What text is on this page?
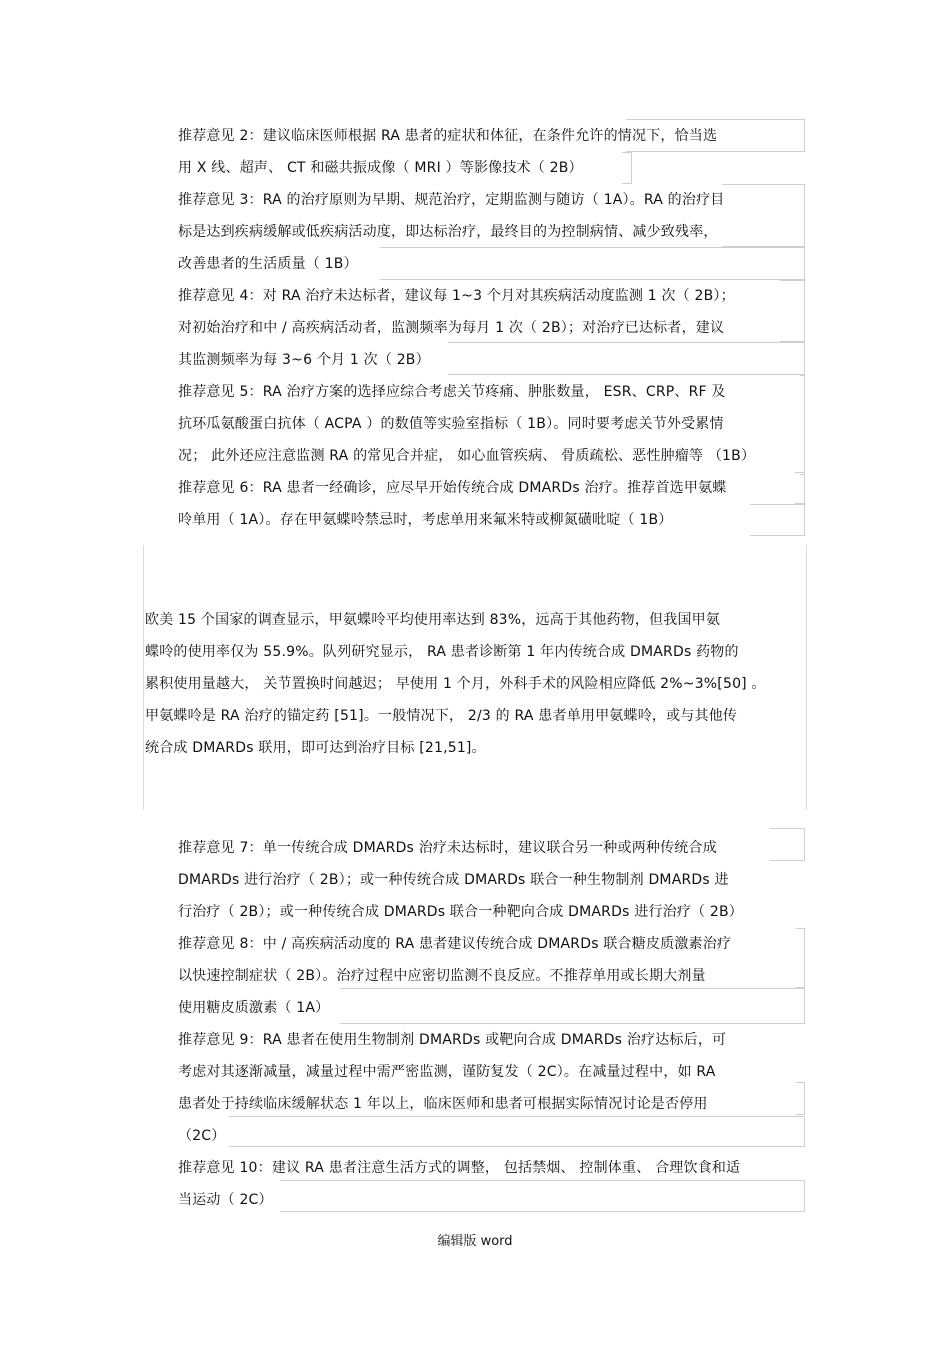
推荐意见 2：建议临床医师根据 RA 患者的症状和体征，在条件允许的情况下，恰当选
用 X 线、超声、 CT 和磁共振成像（ MRI ）等影像技术（ 2B）
推荐意见 3：RA 的治疗原则为早期、规范治疗，定期监测与随访（ 1A）。RA 的治疗目
标是达到疾病缓解或低疾病活动度，即达标治疗，最终目的为控制病情、减少致残率，
改善患者的生活质量（ 1B）
推荐意见 4：对 RA 治疗未达标者，建议每 1~3 个月对其疾病活动度监测 1 次（ 2B）；
对初始治疗和中 / 高疾病活动者，监测频率为每月 1 次（ 2B）；对治疗已达标者，建议
其监测频率为每 3~6 个月 1 次（ 2B）
推荐意见 5：RA 治疗方案的选择应综合考虑关节疼痛、肿胀数量， ESR、CRP、RF 及
抗环瓜氨酸蛋白抗体（ ACPA ）的数值等实验室指标（ 1B）。同时要考虑关节外受累情
况； 此外还应注意监测 RA 的常见合并症， 如心血管疾病、 骨质疏松、恶性肿瘤等 （1B）
推荐意见 6：RA 患者一经确诊，应尽早开始传统合成 DMARDs 治疗。推荐首选甲氨蝶
呤单用（ 1A）。存在甲氨蝶呤禁忌时，考虑单用来氟米特或柳氮磺吡啶（ 1B）
欧美 15 个国家的调查显示，甲氨蝶呤平均使用率达到 83%，远高于其他药物，但我国甲氨
蝶呤的使用率仅为 55.9%。队列研究显示， RA 患者诊断第 1 年内传统合成 DMARDs 药物的
累积使用量越大， 关节置换时间越迟； 早使用 1 个月，外科手术的风险相应降低 2%~3%[50] 。
甲氨蝶呤是 RA 治疗的锚定药 [51]。一般情况下， 2/3 的 RA 患者单用甲氨蝶呤，或与其他传
统合成 DMARDs 联用，即可达到治疗目标 [21,51]。
推荐意见 7：单一传统合成 DMARDs 治疗未达标时，建议联合另一种或两种传统合成
DMARDs 进行治疗（ 2B）；或一种传统合成 DMARDs 联合一种生物制剂 DMARDs 进
行治疗（ 2B）；或一种传统合成 DMARDs 联合一种靶向合成 DMARDs 进行治疗（ 2B）
推荐意见 8：中 / 高疾病活动度的 RA 患者建议传统合成 DMARDs 联合糖皮质激素治疗
以快速控制症状（ 2B）。治疗过程中应密切监测不良反应。不推荐单用或长期大剂量
使用糖皮质激素（ 1A）
推荐意见 9：RA 患者在使用生物制剂 DMARDs 或靶向合成 DMARDs 治疗达标后，可
考虑对其逐渐减量，减量过程中需严密监测，谨防复发（ 2C）。在减量过程中，如 RA
患者处于持续临床缓解状态 1 年以上，临床医师和患者可根据实际情况讨论是否停用
（2C）
推荐意见 10：建议 RA 患者注意生活方式的调整， 包括禁烟、 控制体重、 合理饮食和适
当运动（ 2C）
编辑版 word
